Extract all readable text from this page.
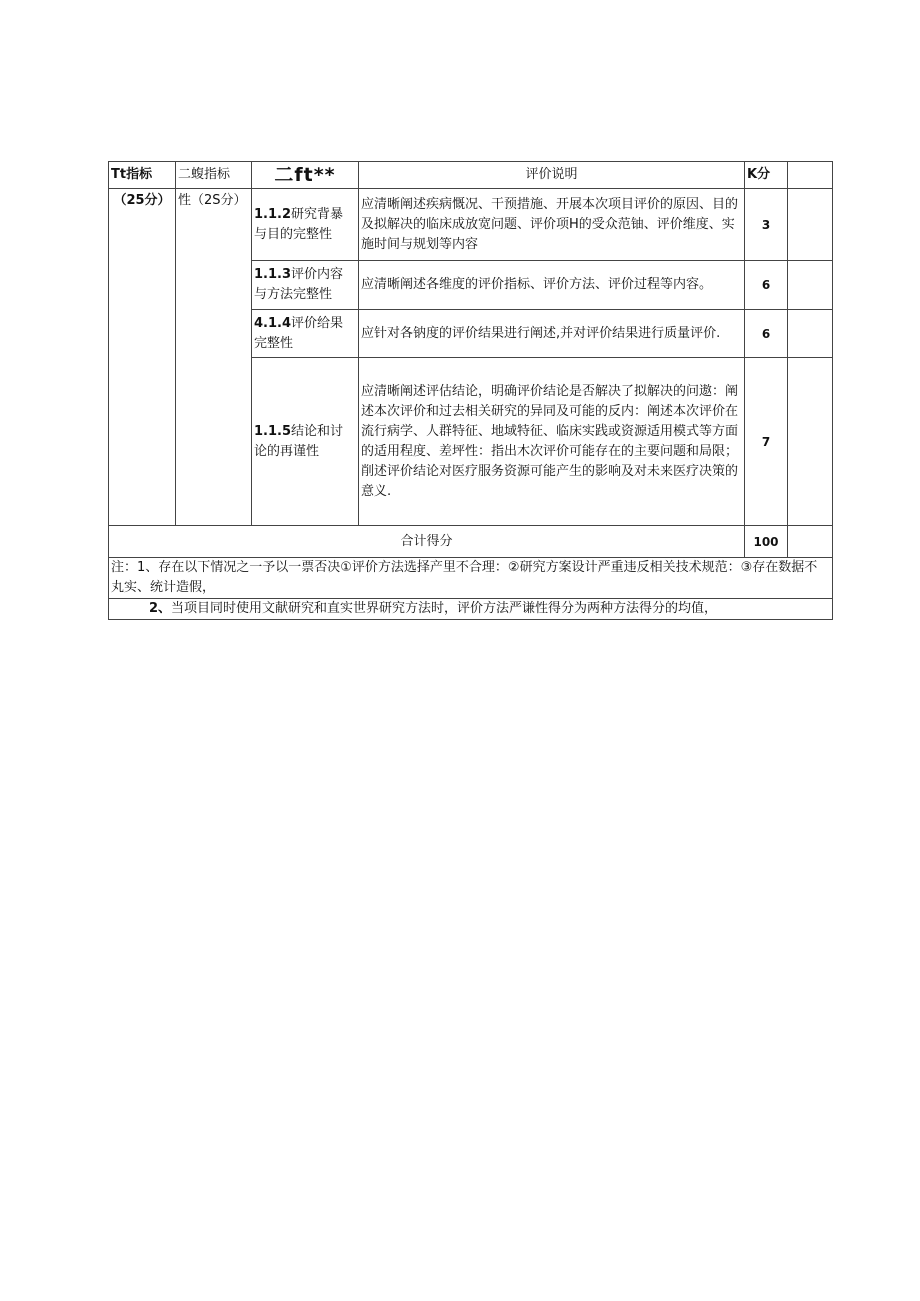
Tt指标	二蝮指标	二ft**	评价说明	K分	
（25分）	性（2S分）	1.1.2研究背暴与目的完整性	应清晰阐述疾病慨况、干预措施、开展本次项目评价的原因、目的及拟解决的临床成放宽问题、评价项H的受众范铀、评价维度、实施时间与规划等内容	3	
		1.1.3评价内容与方法完整性	应清晰阐述各维度的评价指标、评价方法、评价过程等内容。	6	
		4.1.4评价给果完整性	应针对各钠度的评价结果进行阐述,并对评价结果进行质量评价.	6	
		1.1.5结论和讨论的再谨性	应清晰阐述评估结论，明确评价结论是否解决了拟解决的问遨：阐述本次评价和过去相关研究的异同及可能的反内：阐述本次评价在流行病学、人群特征、地域特征、临床实践或资源适用模式等方面的适用程度、差坪性：指出木次评价可能存在的主要问题和局限；削述评价结论对医疗服务资源可能产生的影响及对未来医疗决策的意义.	7	
合计得分				100	
注：1、存在以下情况之一予以一票否决①评价方法选择产里不合理：②研究方案设计严重违反相关技术规范：③存在数据不丸实、统计造假，					
2、当项目同时使用文献研究和直实世界研究方法时，评价方法严谦性得分为两种方法得分的均值，					
